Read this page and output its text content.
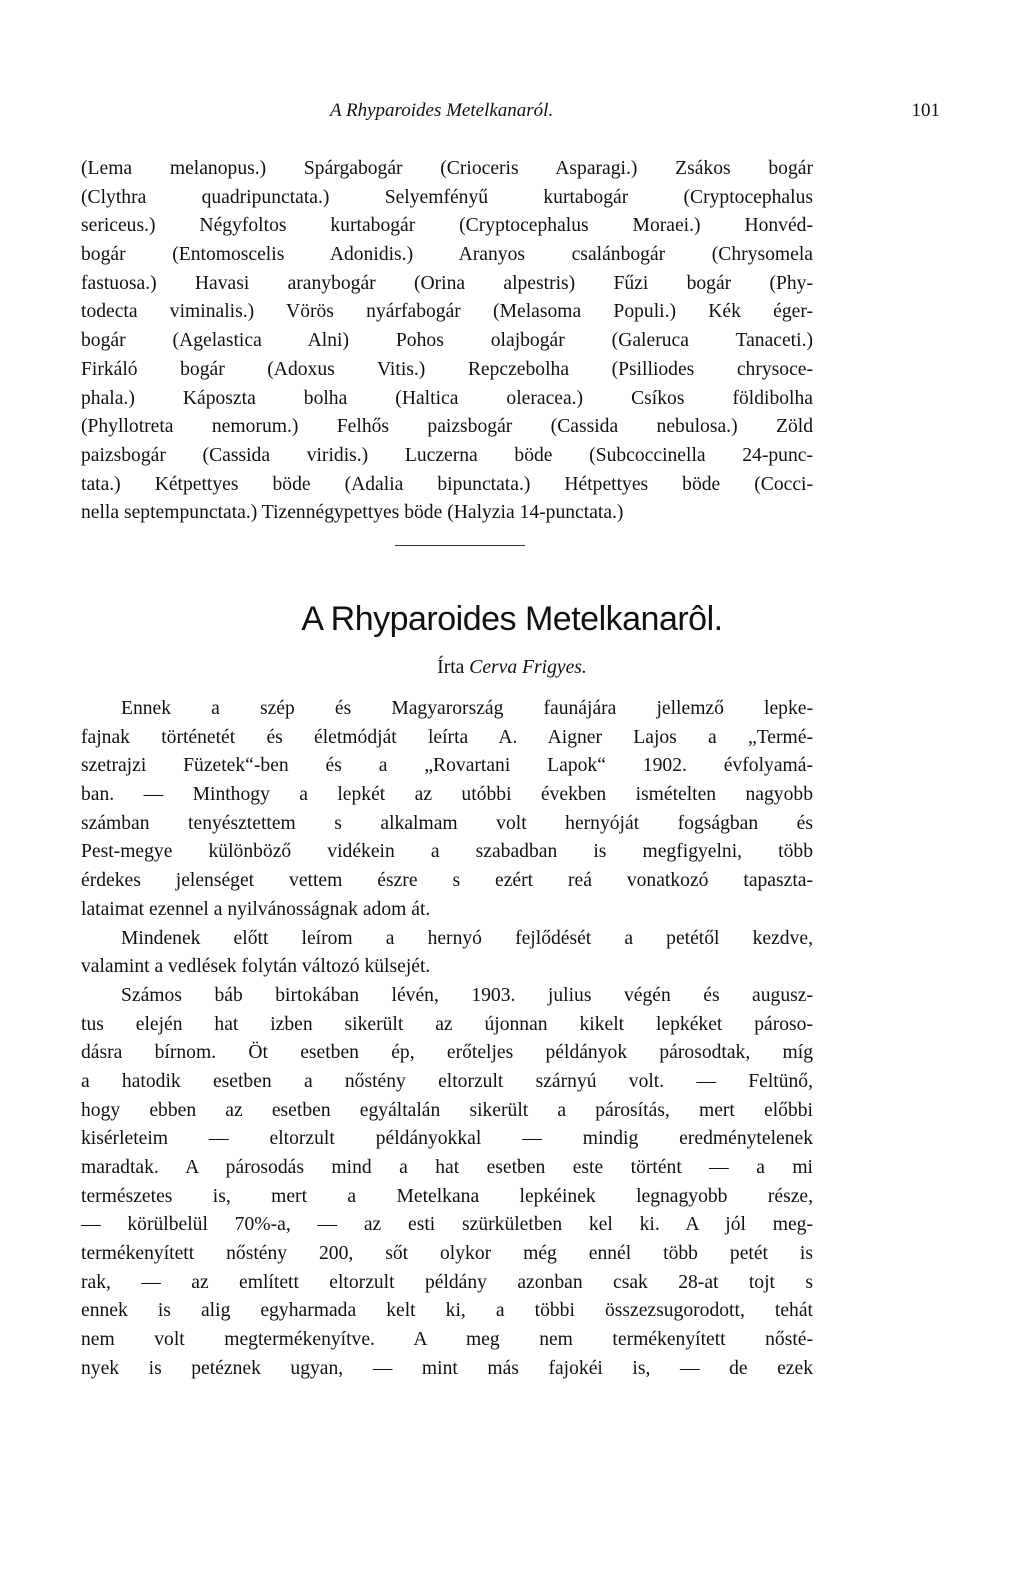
A Rhyparoides Metelkanaról.	101
(Lema melanopus.) Spárgabogár (Crioceris Asparagi.) Zsákos bogár
(Clythra quadripunctata.) Selyemfényű kurtabogár (Cryptocephalus
sericeus.) Négyfoltos kurtabogár (Cryptocephalus Moraei.) Honvéd-
bogár (Entomoscelis Adonidis.) Aranyos csalánbogár (Chrysomela
fastuosa.) Havasi aranybogár (Orina alpestris) Fűzi bogár (Phy-
todecta viminalis.) Vörös nyárfabogár (Melasoma Populi.) Kék éger-
bogár (Agelastica Alni) Pohos olajbogár (Galeruca Tanaceti.)
Firkáló bogár (Adoxus Vitis.) Repczebolha (Psilliodes chrysoce-
phala.) Káposzta bolha (Haltica oleracea.) Csíkos földibolha
(Phyllotreta nemorum.) Felhős paizsbogár (Cassida nebulosa.) Zöld
paizsbogár (Cassida viridis.) Luczerna böde (Subcoccinella 24-punc-
tata.) Kétpettyes böde (Adalia bipunctata.) Hétpettyes böde (Cocci-
nella septempunctata.) Tizennégypettyes böde (Halyzia 14-punctata.)
A Rhyparoides Metelkanarôl.
Írta Cerva Frigyes.
Ennek a szép és Magyarország faunájára jellemző lepke-
fajnak történetét és életmódját leírta A. Aigner Lajos a „Termé-
szetrajzi Füzetek“-ben és a „Rovartani Lapok“ 1902. évfolyamá-
ban. — Minthogy a lepkét az utóbbi években ismételten nagyobb
számban tenyésztettem s alkalmam volt hernyóját fogságban és
Pest-megye különböző vidékein a szabadban is megfigyelni, több
érdekes jelenséget vettem észre s ezért reá vonatkozó tapaszta-
lataimat ezennel a nyilvánosságnak adom át.
Mindenek előtt leírom a hernyó fejlődését a petétől kezdve,
valamint a vedlések folytán változó külsejét.
Számos báb birtokában lévén, 1903. julius végén és augusz-
tus elején hat izben sikerült az újonnan kikelt lepkéket pároso-
dásra bírnom. Öt esetben ép, erőteljes példányok párosodtak, míg
a hatodik esetben a nőstény eltorzult szárnyú volt. — Feltünő,
hogy ebben az esetben egyáltalán sikerült a párosítás, mert előbbi
kisérleteim — eltorzult példányokkal — mindig eredménytelenek
maradtak. A párosodás mind a hat esetben este történt — a mi
természetes is, mert a Metelkana lepkéinek legnagyobb része,
— körülbelül 70%-a, — az esti szürkületben kel ki. A jól meg-
termékenyített nőstény 200, sőt olykor még ennél több petét is
rak, — az említett eltorzult példány azonban csak 28-at tojt s
ennek is alig egyharmada kelt ki, a többi összezsugorodott, tehát
nem volt megtermékenyítve. A meg nem termékenyített nősté-
nyek is petéznek ugyan, — mint más fajokéi is, — de ezek
